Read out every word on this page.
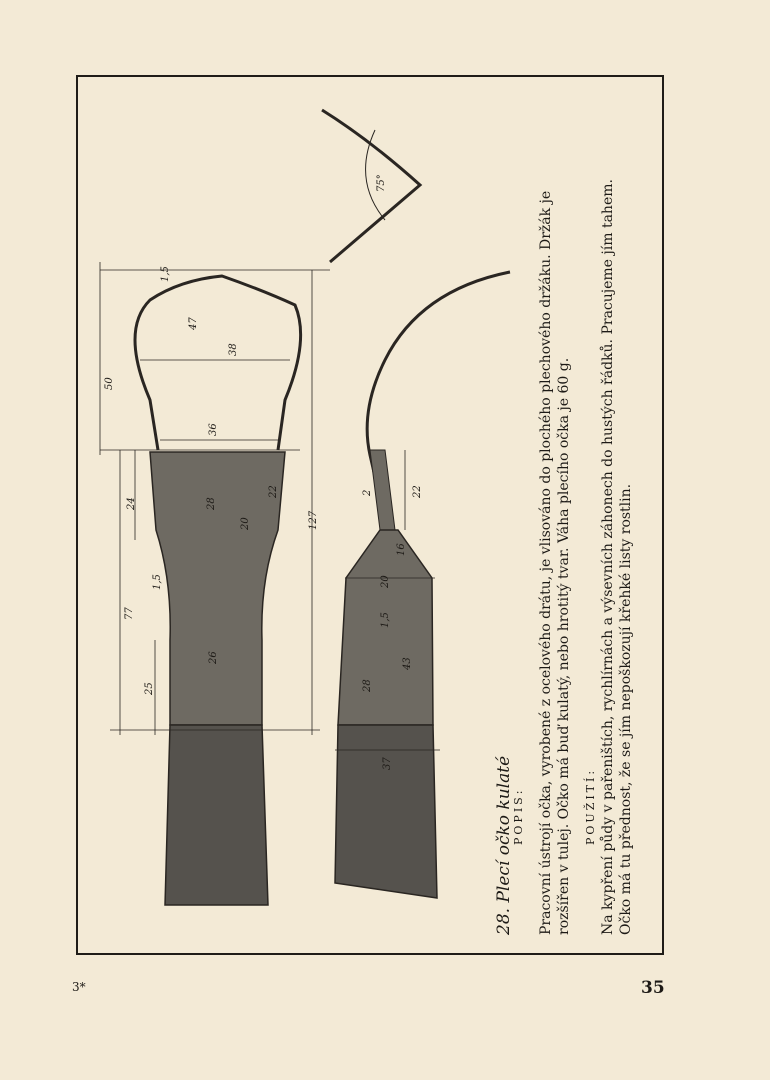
75°
1,5
47
38
36
50
24
77
25
1,5
127
28
20
26
22	2	22
16
28
1,5
20
43
37	28. Plecí očko kulaté
POPIS: Pracovní ústrojí očka, vyrobené z ocelového drátu, je vlisováno do plochého plechového držáku. Držák je rozšířen v tulej. Očko má buď kulatý, nebo hrotitý tvar. Váha plecího očka je 60 g. POUŽITÍ: Na kypření půdy v pařeništích, rychlírnách a výsevních záhonech do hustých řádků. Pracujeme jím tahem. Očko má tu přednost, že se jím nepoškozují křehké listy rostlin.
3*	35
